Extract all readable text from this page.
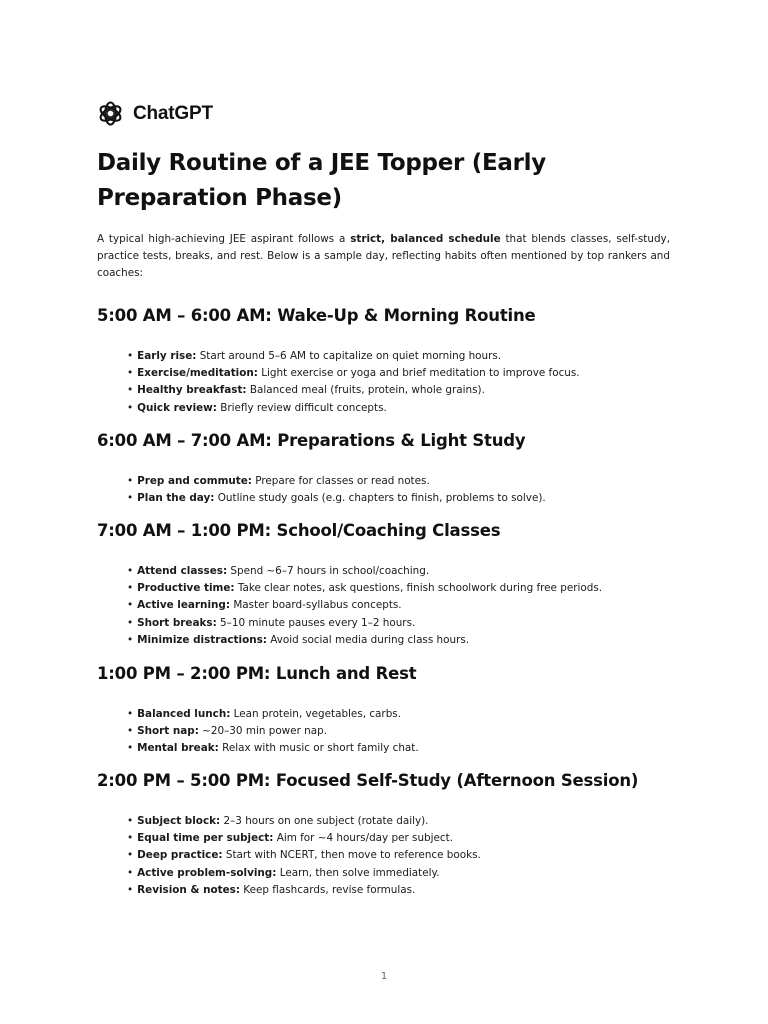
ChatGPT
Daily Routine of a JEE Topper (Early Preparation Phase)

A typical high-achieving JEE aspirant follows a strict, balanced schedule that blends classes, self-study, practice tests, breaks, and rest. Below is a sample day, reflecting habits often mentioned by top rankers and coaches:

5:00 AM – 6:00 AM: Wake-Up & Morning Routine
• Early rise: Start around 5–6 AM to capitalize on quiet morning hours.
• Exercise/meditation: Light exercise or yoga and brief meditation to improve focus.
• Healthy breakfast: Balanced meal (fruits, protein, whole grains).
• Quick review: Briefly review difficult concepts.
6:00 AM – 7:00 AM: Preparations & Light Study
• Prep and commute: Prepare for classes or read notes.
• Plan the day: Outline study goals (e.g. chapters to finish, problems to solve).
7:00 AM – 1:00 PM: School/Coaching Classes
• Attend classes: Spend ~6–7 hours in school/coaching.
• Productive time: Take clear notes, ask questions, finish schoolwork during free periods.
• Active learning: Master board-syllabus concepts.
• Short breaks: 5–10 minute pauses every 1–2 hours.
• Minimize distractions: Avoid social media during class hours.
1:00 PM – 2:00 PM: Lunch and Rest
• Balanced lunch: Lean protein, vegetables, carbs.
• Short nap: ~20–30 min power nap.
• Mental break: Relax with music or short family chat.
2:00 PM – 5:00 PM: Focused Self-Study (Afternoon Session)
• Subject block: 2–3 hours on one subject (rotate daily).
• Equal time per subject: Aim for ~4 hours/day per subject.
• Deep practice: Start with NCERT, then move to reference books.
• Active problem-solving: Learn, then solve immediately.
• Revision & notes: Keep flashcards, revise formulas.
1
